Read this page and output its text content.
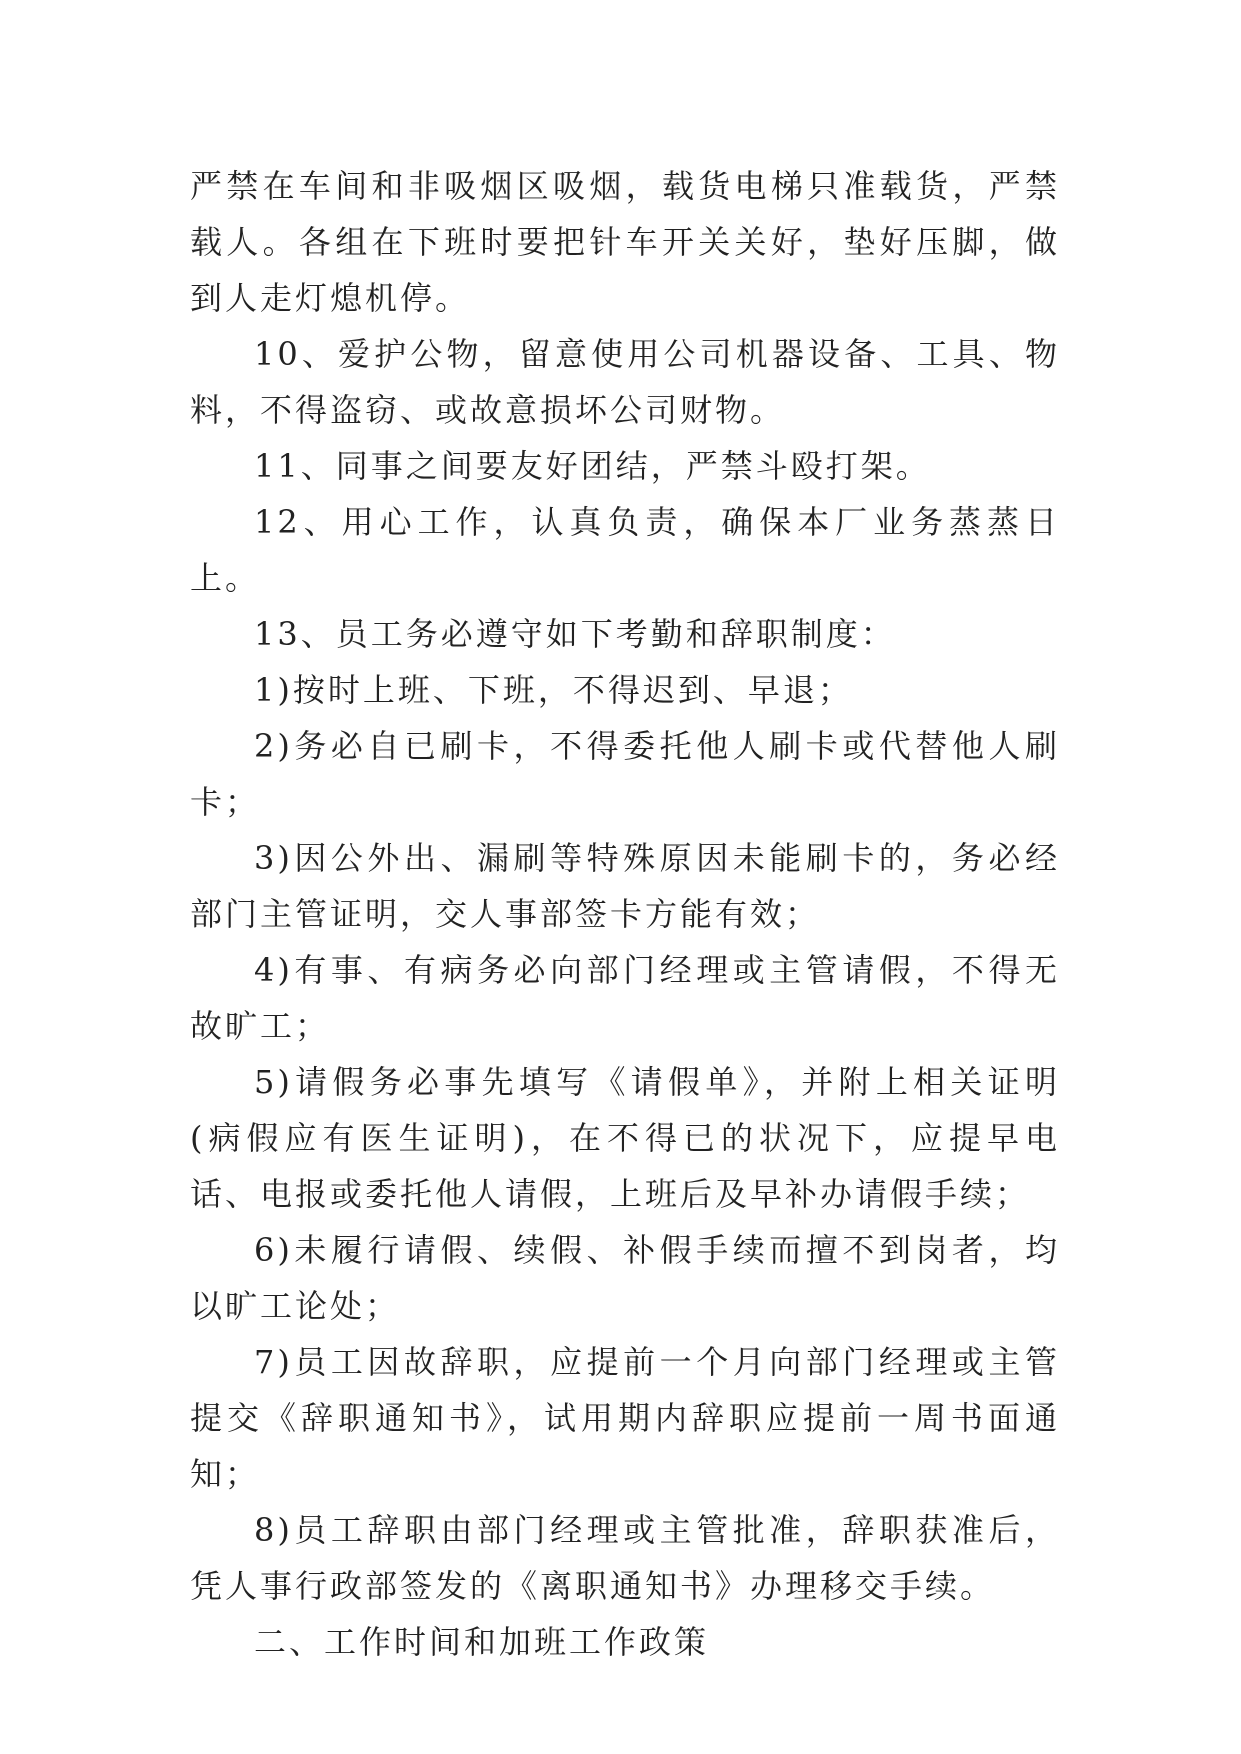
严禁在车间和非吸烟区吸烟，载货电梯只准载货，严禁载人。各组在下班时要把针车开关关好，垫好压脚，做到人走灯熄机停。

10、爱护公物，留意使用公司机器设备、工具、物料，不得盗窃、或故意损坏公司财物。

11、同事之间要友好团结，严禁斗殴打架。

12、用心工作，认真负责，确保本厂业务蒸蒸日上。

13、员工务必遵守如下考勤和辞职制度：

1)按时上班、下班，不得迟到、早退；

2)务必自已刷卡，不得委托他人刷卡或代替他人刷卡；

3)因公外出、漏刷等特殊原因未能刷卡的，务必经部门主管证明，交人事部签卡方能有效；

4)有事、有病务必向部门经理或主管请假，不得无故旷工；

5)请假务必事先填写《请假单》，并附上相关证明(病假应有医生证明)，在不得已的状况下，应提早电话、电报或委托他人请假，上班后及早补办请假手续；

6)未履行请假、续假、补假手续而擅不到岗者，均以旷工论处；

7)员工因故辞职，应提前一个月向部门经理或主管提交《辞职通知书》，试用期内辞职应提前一周书面通知；

8)员工辞职由部门经理或主管批准，辞职获准后，凭人事行政部签发的《离职通知书》办理移交手续。

二、工作时间和加班工作政策
